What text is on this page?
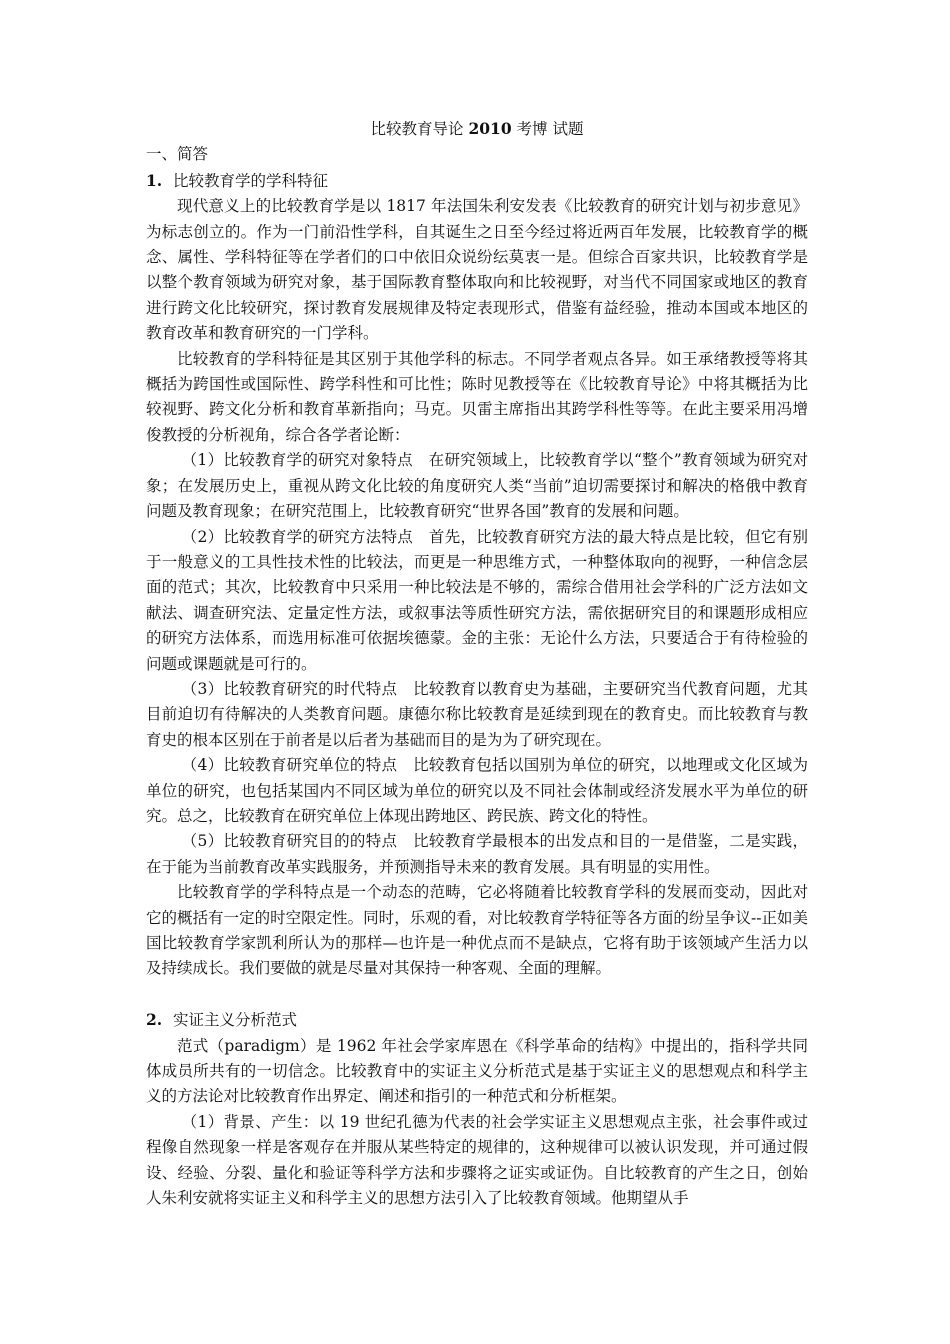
比较教育导论 2010 考博 试题
一、简答
1. 比较教育学的学科特征

现代意义上的比较教育学是以 1817 年法国朱利安发表《比较教育的研究计划与初步意见》为标志创立的。作为一门前沿性学科，自其诞生之日至今经过将近两百年发展，比较教育学的概念、属性、学科特征等在学者们的口中依旧众说纷纭莫衷一是。但综合百家共识，比较教育学是以整个教育领域为研究对象，基于国际教育整体取向和比较视野，对当代不同国家或地区的教育进行跨文化比较研究，探讨教育发展规律及特定表现形式，借鉴有益经验，推动本国或本地区的教育改革和教育研究的一门学科。

比较教育的学科特征是其区别于其他学科的标志。不同学者观点各异。如王承绪教授等将其概括为跨国性或国际性、跨学科性和可比性；陈时见教授等在《比较教育导论》中将其概括为比较视野、跨文化分析和教育革新指向；马克。贝雷主席指出其跨学科性等等。在此主要采用冯增俊教授的分析视角，综合各学者论断：

（1）比较教育学的研究对象特点　在研究领域上，比较教育学以“整个”教育领域为研究对象；在发展历史上，重视从跨文化比较的角度研究人类“当前”迫切需要探讨和解决的格俄中教育问题及教育现象；在研究范围上，比较教育研究“世界各国”教育的发展和问题。

（2）比较教育学的研究方法特点　首先，比较教育研究方法的最大特点是比较，但它有别于一般意义的工具性技术性的比较法，而更是一种思维方式，一种整体取向的视野，一种信念层面的范式；其次，比较教育中只采用一种比较法是不够的，需综合借用社会学科的广泛方法如文献法、调查研究法、定量定性方法，或叙事法等质性研究方法，需依据研究目的和课题形成相应的研究方法体系，而选用标准可依据埃德蒙。金的主张：无论什么方法，只要适合于有待检验的问题或课题就是可行的。

（3）比较教育研究的时代特点　比较教育以教育史为基础，主要研究当代教育问题，尤其目前迫切有待解决的人类教育问题。康德尔称比较教育是延续到现在的教育史。而比较教育与教育史的根本区别在于前者是以后者为基础而目的是为为了研究现在。

（4）比较教育研究单位的特点　比较教育包括以国别为单位的研究，以地理或文化区域为单位的研究，也包括某国内不同区域为单位的研究以及不同社会体制或经济发展水平为单位的研究。总之，比较教育在研究单位上体现出跨地区、跨民族、跨文化的特性。

（5）比较教育研究目的的特点　比较教育学最根本的出发点和目的一是借鉴，二是实践，在于能为当前教育改革实践服务，并预测指导未来的教育发展。具有明显的实用性。

比较教育学的学科特点是一个动态的范畴，它必将随着比较教育学科的发展而变动，因此对它的概括有一定的时空限定性。同时，乐观的看，对比较教育学特征等各方面的纷呈争议--正如美国比较教育学家凯利所认为的那样—也许是一种优点而不是缺点，它将有助于该领域产生活力以及持续成长。我们要做的就是尽量对其保持一种客观、全面的理解。

2. 实证主义分析范式

范式（paradigm）是 1962 年社会学家库恩在《科学革命的结构》中提出的，指科学共同体成员所共有的一切信念。比较教育中的实证主义分析范式是基于实证主义的思想观点和科学主义的方法论对比较教育作出界定、阐述和指引的一种范式和分析框架。

（1）背景、产生：以 19 世纪孔德为代表的社会学实证主义思想观点主张，社会事件或过程像自然现象一样是客观存在并服从某些特定的规律的，这种规律可以被认识发现，并可通过假设、经验、分裂、量化和验证等科学方法和步骤将之证实或证伪。自比较教育的产生之日，创始人朱利安就将实证主义和科学主义的思想方法引入了比较教育领域。他期望从手
